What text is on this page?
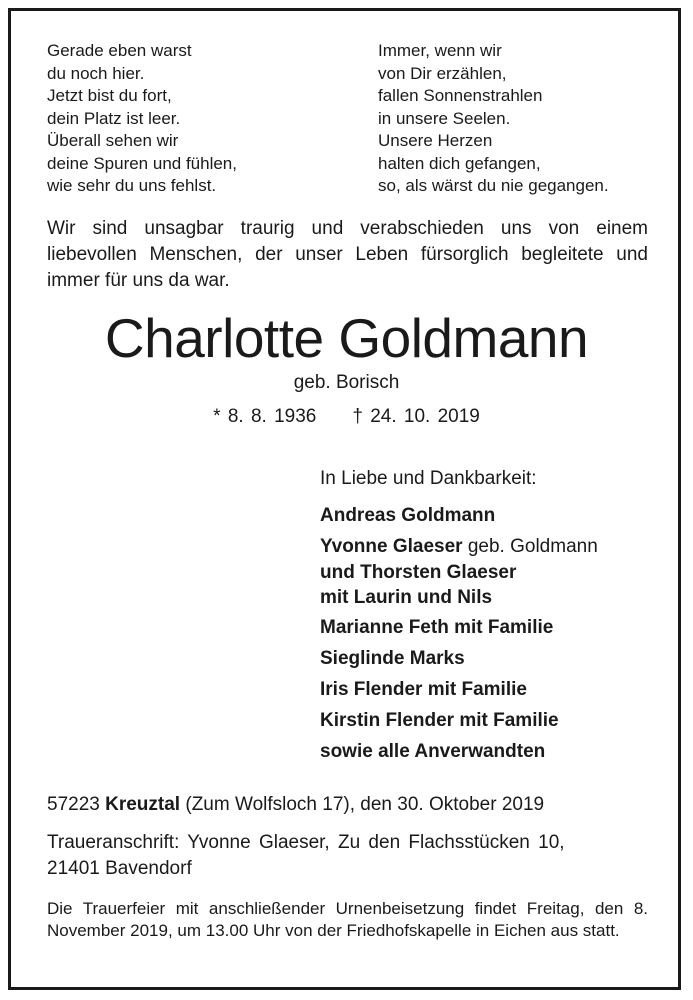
Gerade eben warst
du noch hier.
Jetzt bist du fort,
dein Platz ist leer.
Überall sehen wir
deine Spuren und fühlen,
wie sehr du uns fehlst.
Immer, wenn wir
von Dir erzählen,
fallen Sonnenstrahlen
in unsere Seelen.
Unsere Herzen
halten dich gefangen,
so, als wärst du nie gegangen.
Wir sind unsagbar traurig und verabschieden uns von einem liebevollen Menschen, der unser Leben fürsorglich begleitete und immer für uns da war.
Charlotte Goldmann
geb. Borisch
* 8. 8. 1936 † 24. 10. 2019
In Liebe und Dankbarkeit:
Andreas Goldmann
Yvonne Glaeser geb. Goldmann
und Thorsten Glaeser
mit Laurin und Nils
Marianne Feth mit Familie
Sieglinde Marks
Iris Flender mit Familie
Kirstin Flender mit Familie
sowie alle Anverwandten
57223 Kreuztal (Zum Wolfsloch 17), den 30. Oktober 2019
Traueranschrift: Yvonne Glaeser, Zu den Flachsstücken 10,
21401 Bavendorf
Die Trauerfeier mit anschließender Urnenbeisetzung findet Freitag, den 8. November 2019, um 13.00 Uhr von der Friedhofskapelle in Eichen aus statt.
